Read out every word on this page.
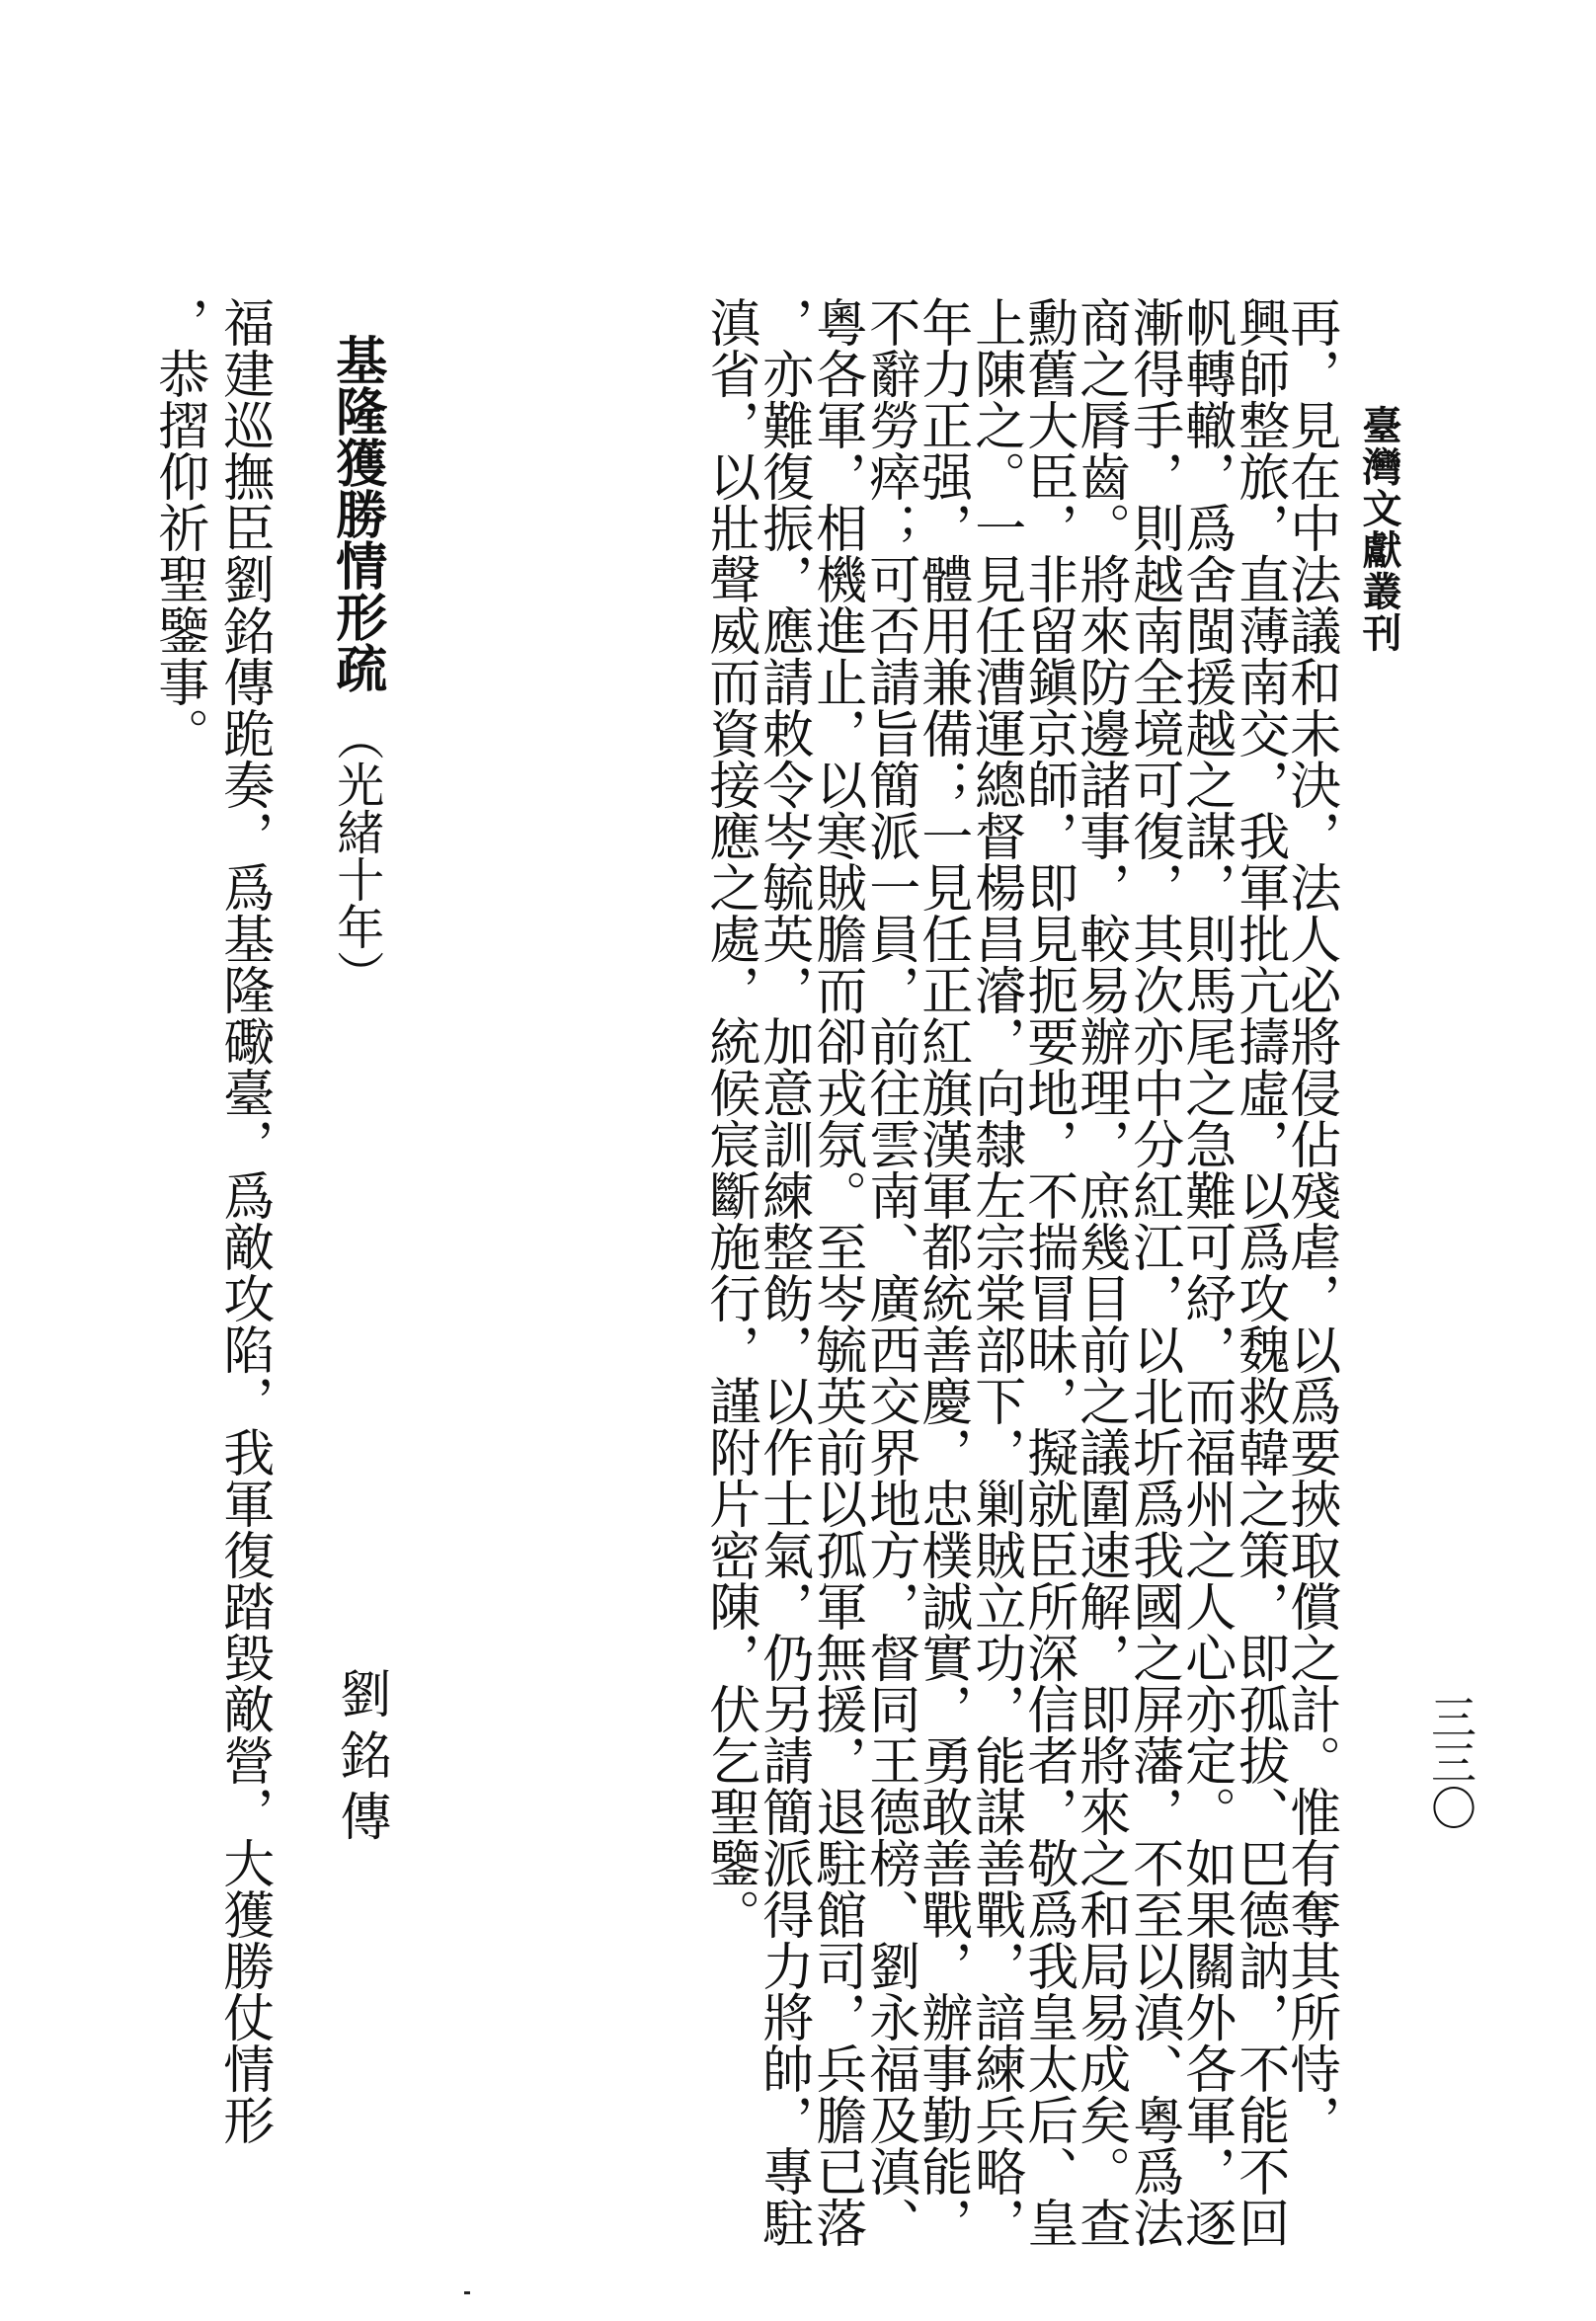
臺灣文獻叢刊
三三〇
再，見在中法議和未決，法人必將侵佔殘虐，以爲要挾取償之計。惟有奪其所恃，
興師整旅，直薄南交，我軍批亢擣虛，以爲攻魏救韓之策，即孤拔、巴德訥，不能不回
帆轉轍，爲舍閩援越之謀，則馬尾之急難可紓，而福州之人心亦定。如果關外各軍，逐
漸得手，則越南全境可復，其次亦中分紅江，以北圻爲我國之屏藩，不至以滇、粵爲法
商之脣齒。將來防邊諸事，較易辦理，庶幾目前之議圍速解，即將來之和局易成矣。查
勳舊大臣，非留鎭京師，即見扼要地，不揣冒昧，擬就臣所深信者，敬爲我皇太后、皇
上陳之。一見任漕運總督楊昌濬，向隸左宗棠部下，剿賊立功，能謀善戰，諳練兵略，
年力正强，體用兼備；一見任正紅旗漢軍都統善慶，忠樸誠實，勇敢善戰，辦事勤能，
不辭勞瘁；可否請旨簡派一員，前往雲南、廣西交界地方，督同王德榜、劉永福及滇、
粵各軍，相機進止，以寒賊膽而卻戎氛。至岑毓英前以孤軍無援，退駐館司，兵膽已落
，亦難復振，應請敕令岑毓英，加意訓練整飭，以作士氣，仍另請簡派得力將帥，專駐
滇省，以壯聲威而資接應之處，統候宸斷施行，謹附片密陳，伏乞聖鑒。
基隆獲勝情形疏（光緒十年）
劉銘傳
福建巡撫臣劉銘傳跪奏，爲基隆礮臺，爲敵攻陷，我軍復踏毀敵營，大獲勝仗情形
，恭摺仰祈聖鑒事。
